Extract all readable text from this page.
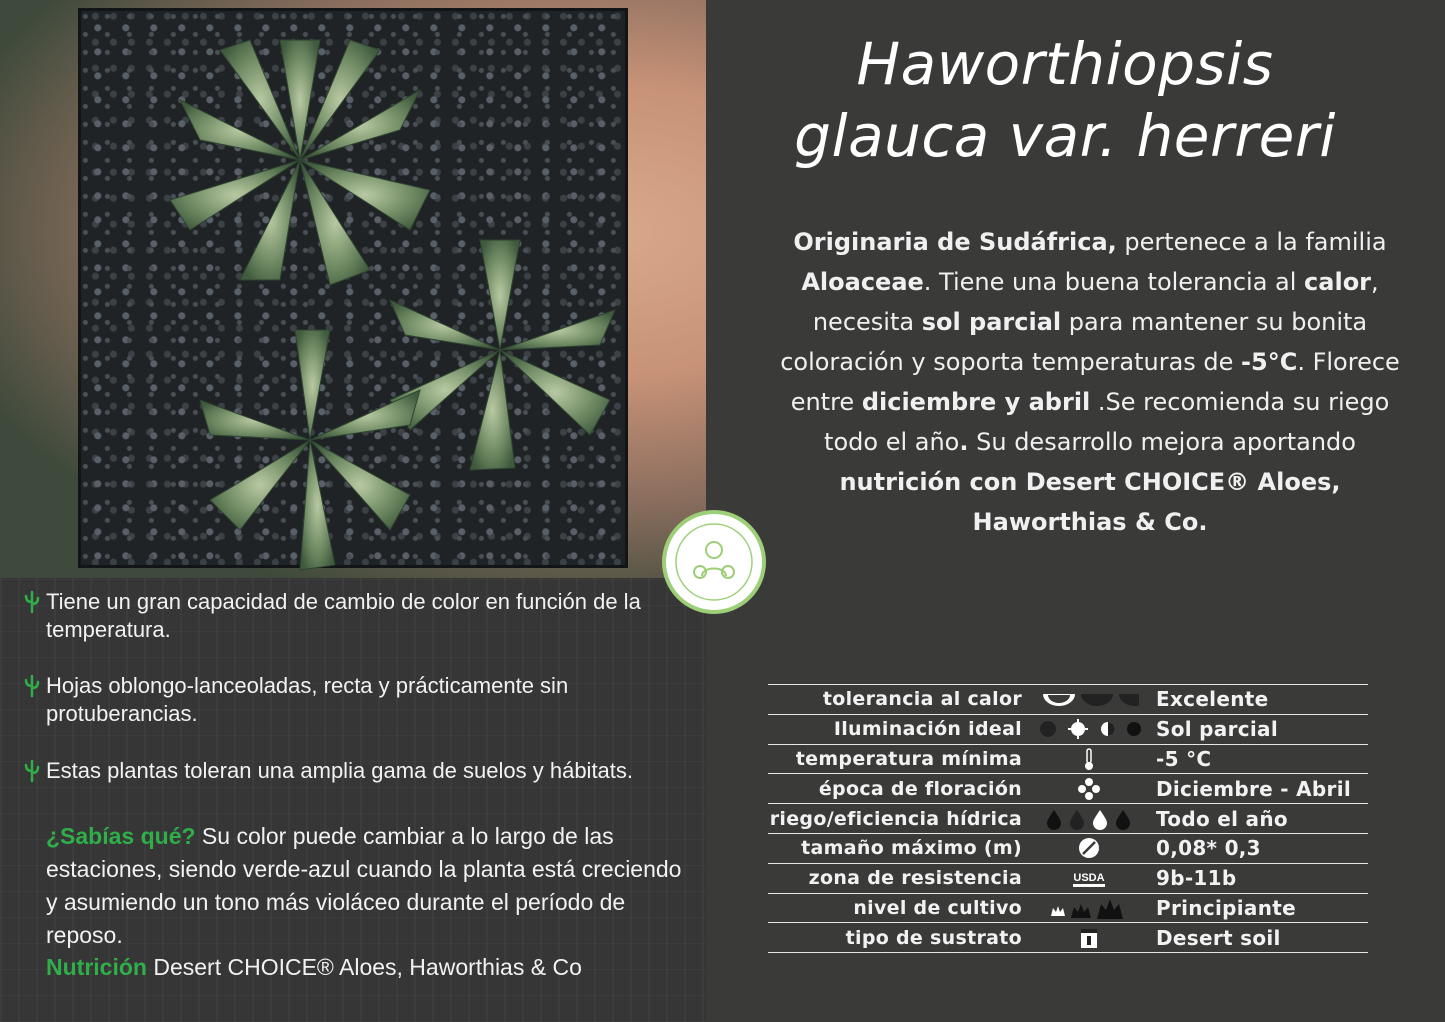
Tiene un gran capacidad de cambio de color en función de la temperatura.
Hojas oblongo-lanceoladas, recta y prácticamente sin protuberancias.
Estas plantas toleran una amplia gama de suelos y hábitats.
¿Sabías qué? Su color puede cambiar a lo largo de las estaciones, siendo verde-azul cuando la planta está creciendo y asumiendo un tono más violáceo durante el período de reposo.
Nutrición Desert CHOICE® Aloes, Haworthias & Co
Haworthiopsis
glauca var. herreri
Originaria de Sudáfrica, pertenece a la familia Aloaceae. Tiene una buena tolerancia al calor, necesita sol parcial para mantener su bonita coloración y soporta temperaturas de -5°C. Florece entre diciembre y abril .Se recomienda su riego todo el año. Su desarrollo mejora aportando nutrición con Desert CHOICE® Aloes, Haworthias & Co.
tolerancia al calor		Excelente
Iluminación ideal		Sol parcial
temperatura mínima		-5 °C
época de floración		Diciembre - Abril
riego/eficiencia hídrica		Todo el año
tamaño máximo (m)		0,08* 0,3
zona de resistencia	USDA	9b-11b
nivel de cultivo		Principiante
tipo de sustrato		Desert soil
